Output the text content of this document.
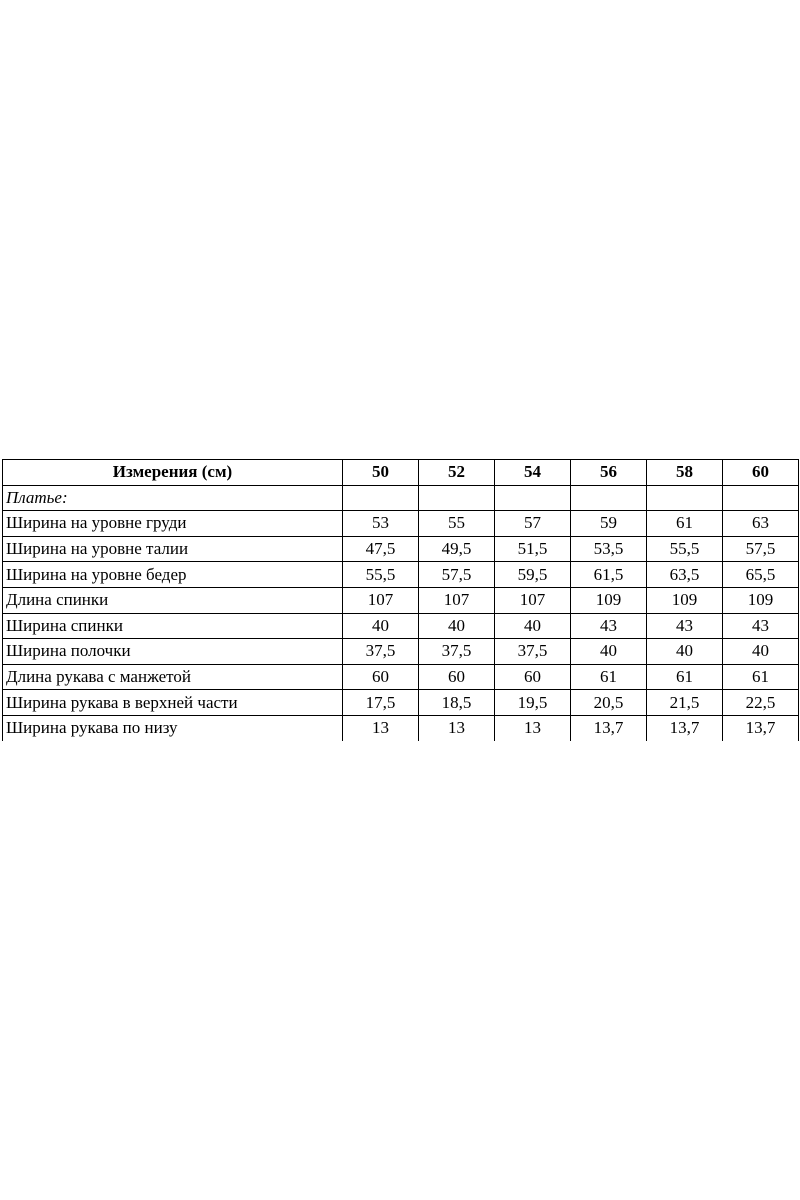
Измерения (см)	50	52	54	56	58	60
Платье:						
Ширина на уровне груди	53	55	57	59	61	63
Ширина на уровне талии	47,5	49,5	51,5	53,5	55,5	57,5
Ширина на уровне бедер	55,5	57,5	59,5	61,5	63,5	65,5
Длина спинки	107	107	107	109	109	109
Ширина спинки	40	40	40	43	43	43
Ширина полочки	37,5	37,5	37,5	40	40	40
Длина рукава с манжетой	60	60	60	61	61	61
Ширина рукава в верхней части	17,5	18,5	19,5	20,5	21,5	22,5
Ширина рукава по низу	13	13	13	13,7	13,7	13,7
